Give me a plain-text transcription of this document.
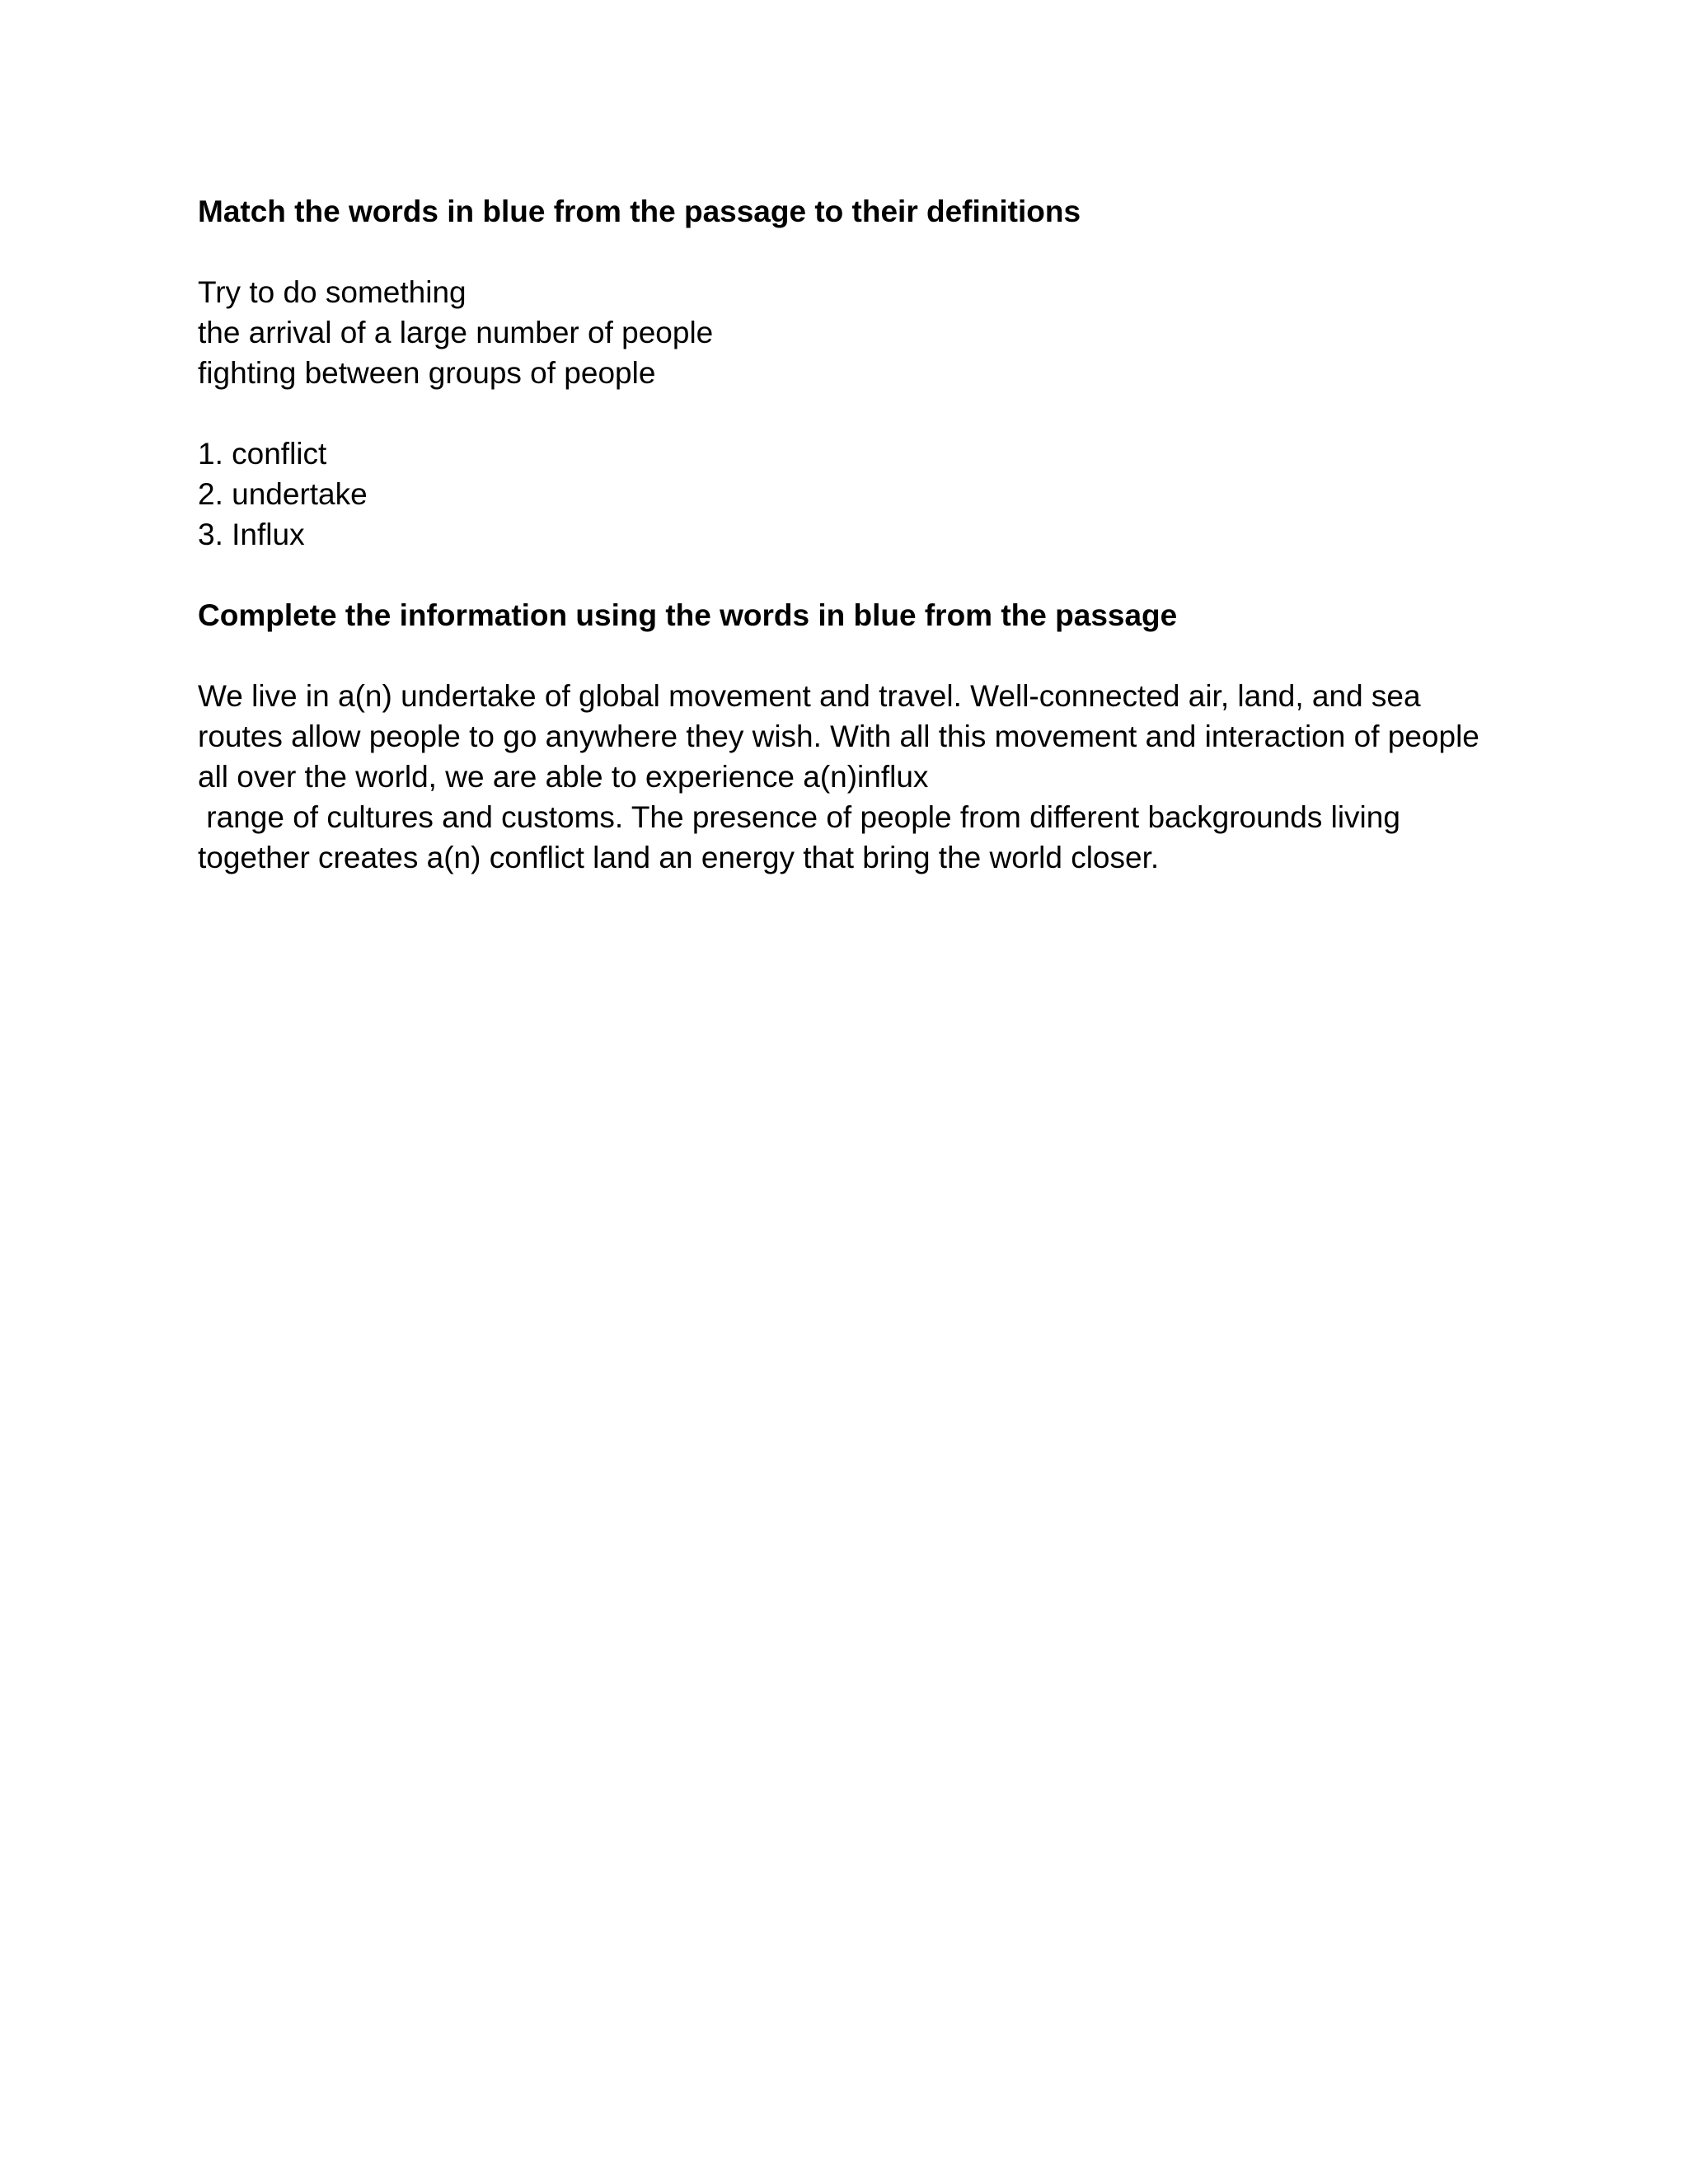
Match the words in blue from the passage to their definitions

Try to do something

the arrival of a large number of people

fighting between groups of people

1. conflict

2. undertake

3. Influx

Complete the information using the words in blue from the passage

We live in a(n) undertake of global movement and travel. Well-connected air, land, and sea

routes allow people to go anywhere they wish. With all this movement and interaction of people

all over the world, we are able to experience a(n)influx

range of cultures and customs. The presence of people from different backgrounds living

together creates a(n) conflict land an energy that bring the world closer.
